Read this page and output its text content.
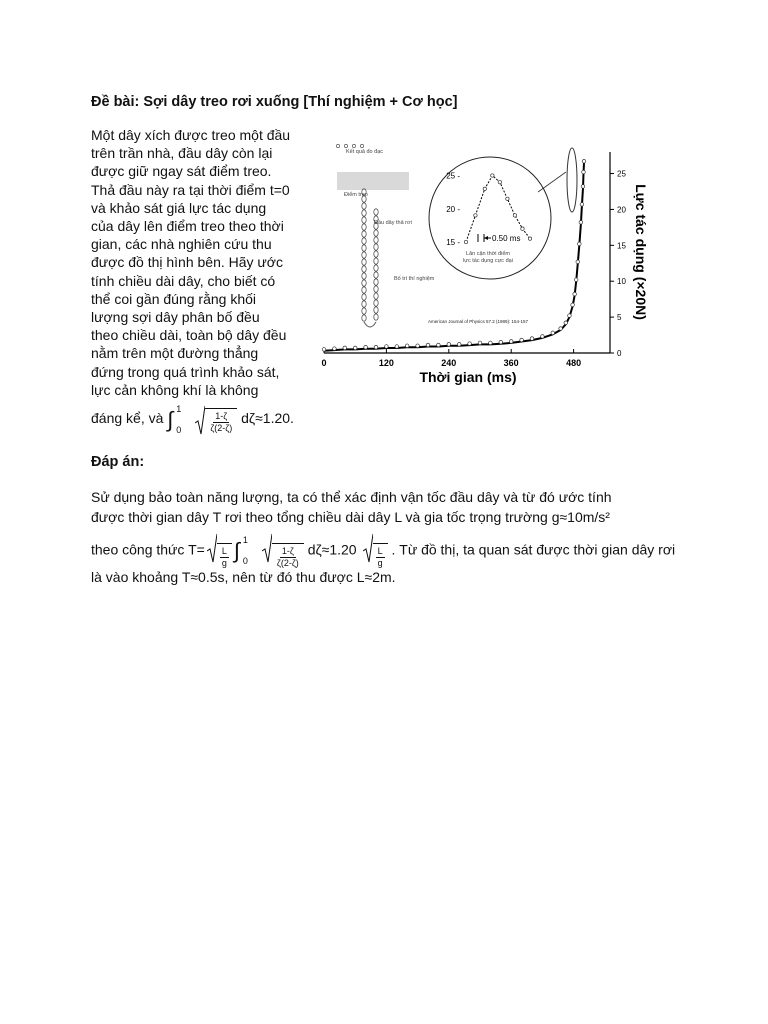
Đề bài: Sợi dây treo rơi xuống [Thí nghiệm + Cơ học]
Một dây xích được treo một đầu
trên trần nhà, đầu dây còn lại
được giữ ngay sát điểm treo.
Thả đầu này ra tại thời điểm t=0
và khảo sát giá lực tác dụng
của dây lên điểm treo theo thời
gian, các nhà nghiên cứu thu
được đồ thị hình bên. Hãy ước
tính chiều dài dây, cho biết có
thể coi gần đúng rằng khối
lượng sợi dây phân bố đều
theo chiều dài, toàn bộ dây đều
nằm trên một đường thẳng
đứng trong quá trình khảo sát,
lực cản không khí là không
đáng kể, và ∫ 1
0	$\frac{1-\zeta}{\zeta(2-\zeta)} d\zeta\approx 1.20$.
0	120	240	360	480
0
5
10
15
20
25
Thời gian (ms)
Lực tác dụng (×20N)
Kết quả đo đạc
Điểm treo
Đầu dây thả rơi
Bố trí thí nghiệm
American Journal of Physics 57.2 (1989): 154-157
25 -
20 -
15 -	0.50 ms
Lân cận thời điểm
lực tác dụng cực đại
Đáp án:
Sử dụng bảo toàn năng lượng, ta có thể xác định vận tốc đầu dây và từ đó ước tính
được thời gian dây T rơi theo tổng chiều dài dây L và gia tốc trọng trường g≈10m/s²
theo công thức $T= \frac{L}{g}$ ∫ 1
0	$\frac{1-\zeta}{\zeta(2-\zeta)} d\zeta\approx 1.20 \frac{L}{g}$ . Từ đồ thị, ta quan sát được thời gian dây rơi
là vào khoảng T≈0.5s, nên từ đó thu được L≈2m.
